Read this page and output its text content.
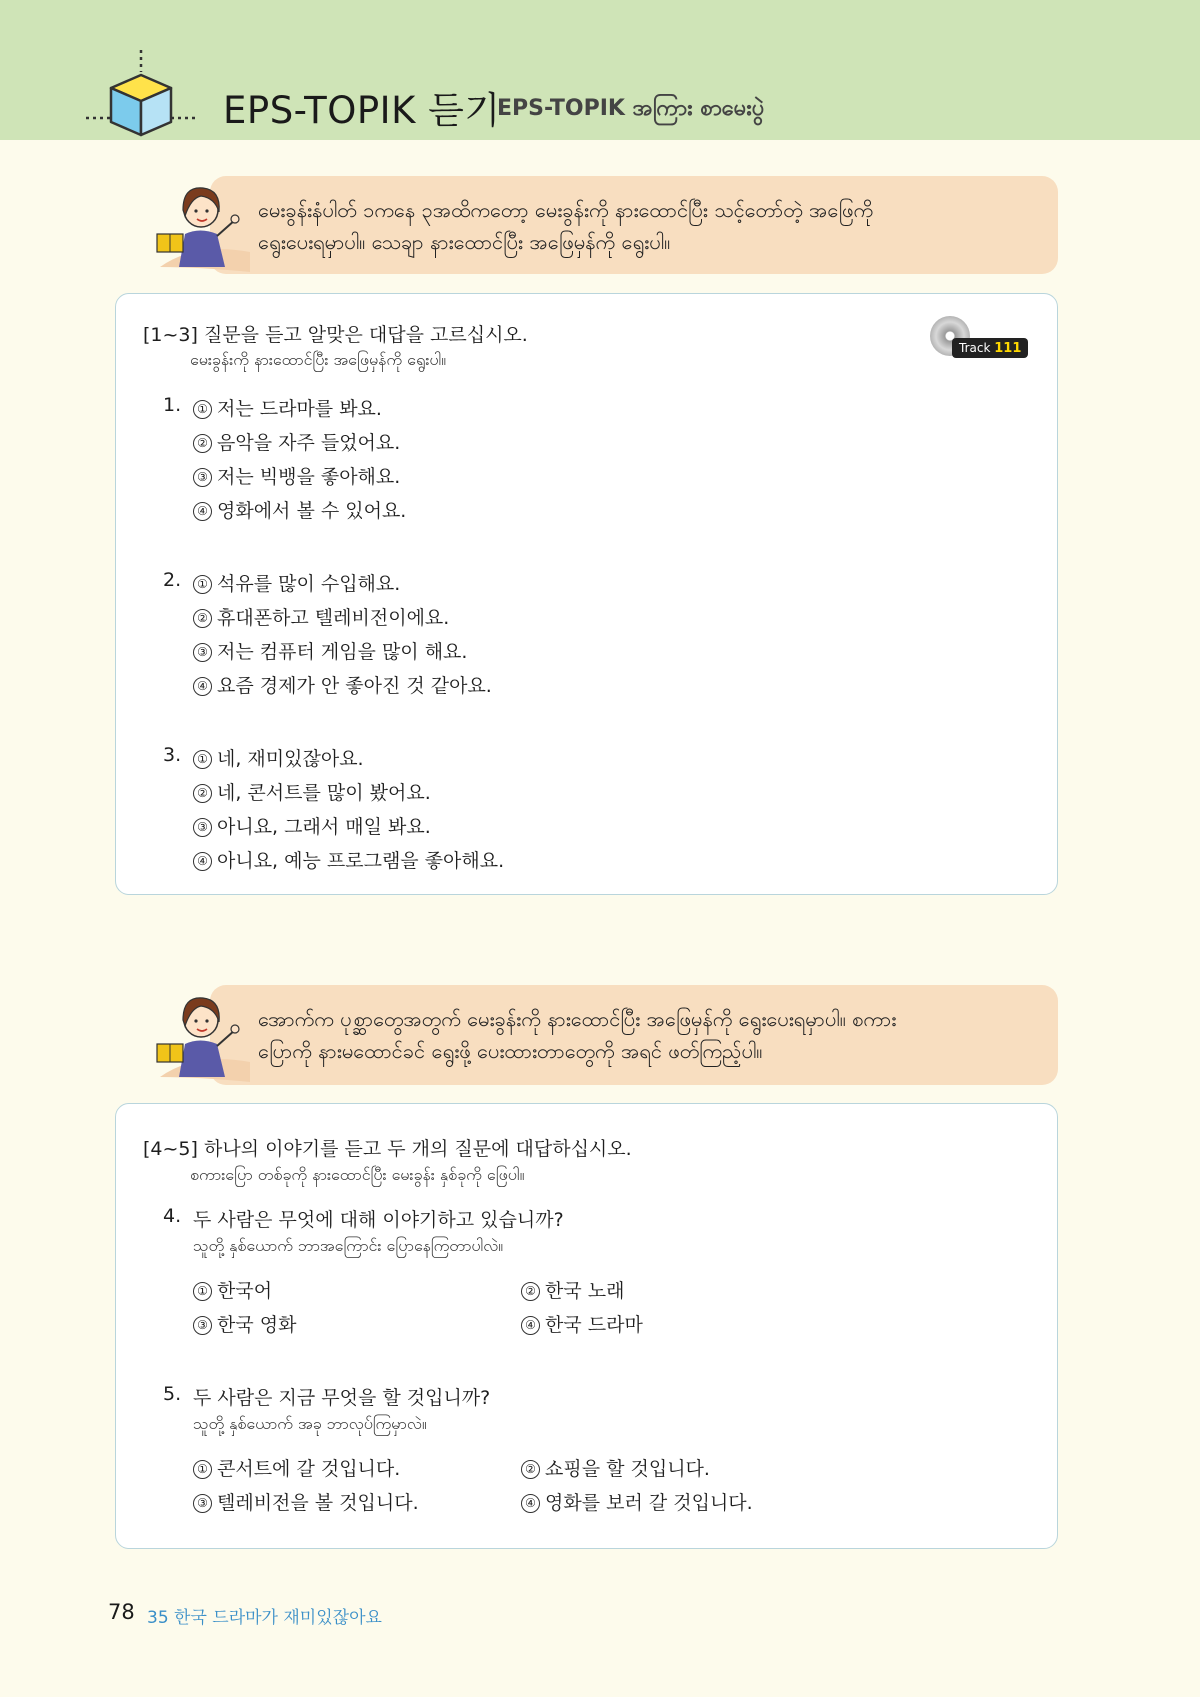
EPS-TOPIK 듣기
EPS-TOPIK အကြား စာမေးပွဲ
မေးခွန်းနံပါတ် ၁ကနေ ၃အထိကတော့ မေးခွန်းကို နားထောင်ပြီး သင့်တော်တဲ့ အဖြေကို
ရွေးပေးရမှာပါ။ သေချာ နားထောင်ပြီး အဖြေမှန်ကို ရွေးပါ။
[1~3] 질문을 듣고 알맞은 대답을 고르십시오.
မေးခွန်းကို နားထောင်ပြီး အဖြေမှန်ကို ရွေးပါ။
Track 111
1.	① 저는 드라마를 봐요.
② 음악을 자주 들었어요.
③ 저는 빅뱅을 좋아해요.
④ 영화에서 볼 수 있어요.
2.	① 석유를 많이 수입해요.
② 휴대폰하고 텔레비전이에요.
③ 저는 컴퓨터 게임을 많이 해요.
④ 요즘 경제가 안 좋아진 것 같아요.
3.	① 네, 재미있잖아요.
② 네, 콘서트를 많이 봤어요.
③ 아니요, 그래서 매일 봐요.
④ 아니요, 예능 프로그램을 좋아해요.
အောက်က ပုစ္ဆာတွေအတွက် မေးခွန်းကို နားထောင်ပြီး အဖြေမှန်ကို ရွေးပေးရမှာပါ။ စကား
ပြောကို နားမထောင်ခင် ရွေးဖို့ ပေးထားတာတွေကို အရင် ဖတ်ကြည့်ပါ။
[4~5] 하나의 이야기를 듣고 두 개의 질문에 대답하십시오.
စကားပြော တစ်ခုကို နားထောင်ပြီး မေးခွန်း နှစ်ခုကို ဖြေပါ။
4. 두 사람은 무엇에 대해 이야기하고 있습니까?
သူတို့ နှစ်ယောက် ဘာအကြောင်း ပြောနေကြတာပါလဲ။
① 한국어	② 한국 노래
③ 한국 영화	④ 한국 드라마
5. 두 사람은 지금 무엇을 할 것입니까?
သူတို့ နှစ်ယောက် အခု ဘာလုပ်ကြမှာလဲ။
① 콘서트에 갈 것입니다.	② 쇼핑을 할 것입니다.
③ 텔레비전을 볼 것입니다.	④ 영화를 보러 갈 것입니다.
78 35 한국 드라마가 재미있잖아요
